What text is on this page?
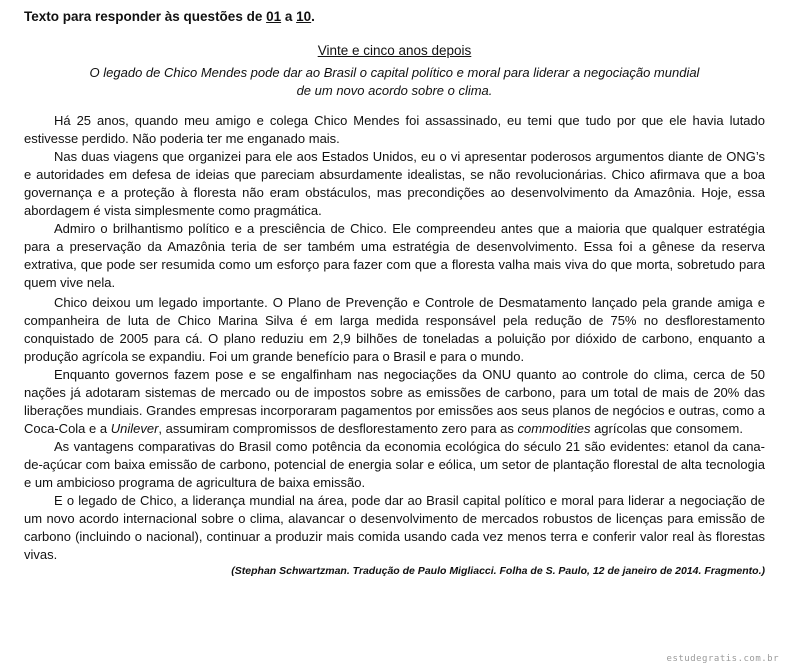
Texto para responder às questões de 01 a 10.
Vinte e cinco anos depois
O legado de Chico Mendes pode dar ao Brasil o capital político e moral para liderar a negociação mundial
de um novo acordo sobre o clima.

Há 25 anos, quando meu amigo e colega Chico Mendes foi assassinado, eu temi que tudo por que ele havia lutado estivesse perdido. Não poderia ter me enganado mais.

Nas duas viagens que organizei para ele aos Estados Unidos, eu o vi apresentar poderosos argumentos diante de ONG’s e autoridades em defesa de ideias que pareciam absurdamente idealistas, se não revolucionárias. Chico afirmava que a boa governança e a proteção à floresta não eram obstáculos, mas precondições ao desenvolvimento da Amazônia. Hoje, essa abordagem é vista simplesmente como pragmática.

Admiro o brilhantismo político e a presciência de Chico. Ele compreendeu antes que a maioria que qualquer estratégia para a preservação da Amazônia teria de ser também uma estratégia de desenvolvimento. Essa foi a gênese da reserva extrativa, que pode ser resumida como um esforço para fazer com que a floresta valha mais viva do que morta, sobretudo para quem vive nela.

Chico deixou um legado importante. O Plano de Prevenção e Controle de Desmatamento lançado pela grande amiga e companheira de luta de Chico Marina Silva é em larga medida responsável pela redução de 75% no desflorestamento conquistado de 2005 para cá. O plano reduziu em 2,9 bilhões de toneladas a poluição por dióxido de carbono, enquanto a produção agrícola se expandiu. Foi um grande benefício para o Brasil e para o mundo.

Enquanto governos fazem pose e se engalfinham nas negociações da ONU quanto ao controle do clima, cerca de 50 nações já adotaram sistemas de mercado ou de impostos sobre as emissões de carbono, para um total de mais de 20% das liberações mundiais. Grandes empresas incorporaram pagamentos por emissões aos seus planos de negócios e outras, como a Coca-Cola e a Unilever, assumiram compromissos de desflorestamento zero para as commodities agrícolas que consomem.

As vantagens comparativas do Brasil como potência da economia ecológica do século 21 são evidentes: etanol da cana-de-açúcar com baixa emissão de carbono, potencial de energia solar e eólica, um setor de plantação florestal de alta tecnologia e um ambicioso programa de agricultura de baixa emissão.

E o legado de Chico, a liderança mundial na área, pode dar ao Brasil capital político e moral para liderar a negociação de um novo acordo internacional sobre o clima, alavancar o desenvolvimento de mercados robustos de licenças para emissão de carbono (incluindo o nacional), continuar a produzir mais comida usando cada vez menos terra e conferir valor real às florestas vivas.

(Stephan Schwartzman. Tradução de Paulo Migliacci. Folha de S. Paulo, 12 de janeiro de 2014. Fragmento.)
estudegratis.com.br
